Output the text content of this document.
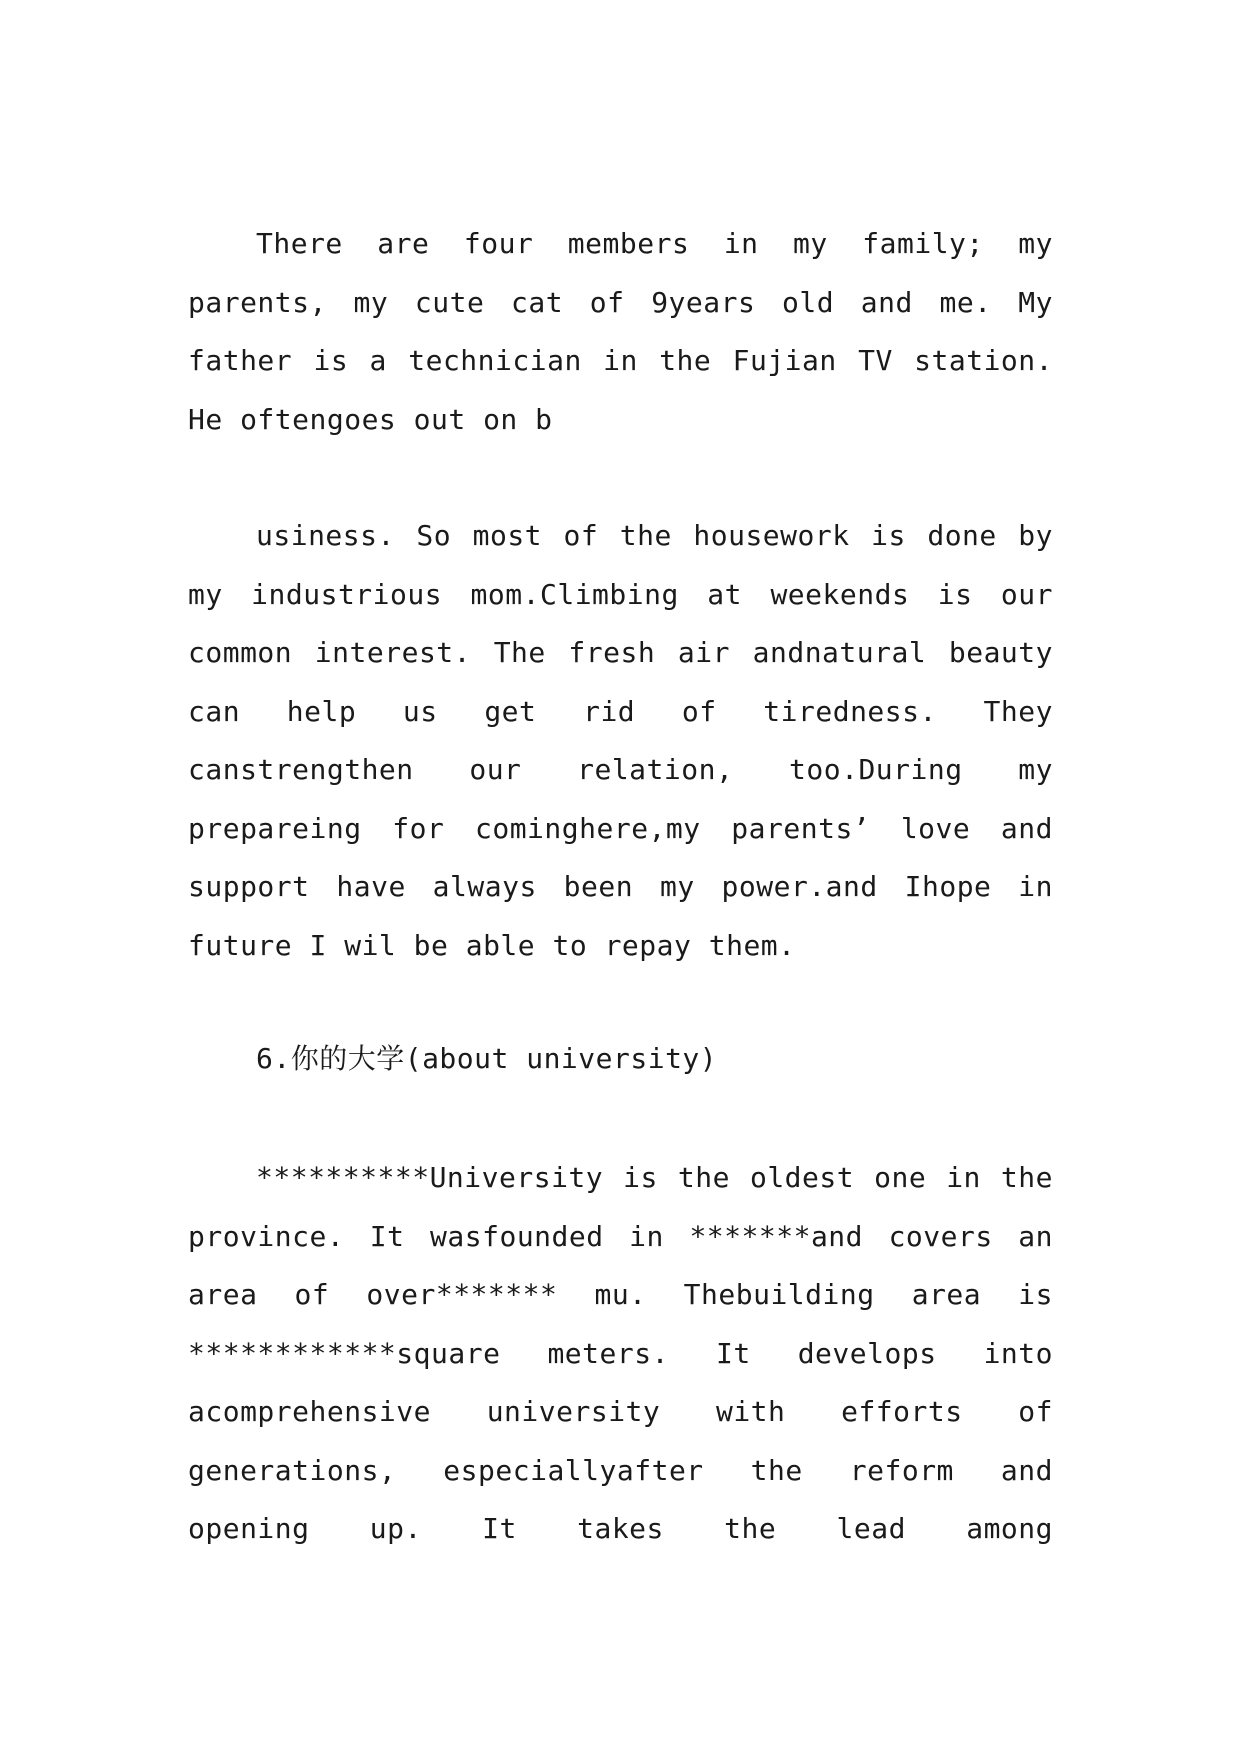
There are four members in my family; my parents, my cute cat of 9years old and me. My father is a technician in the Fujian TV station. He oftengoes out on b

usiness. So most of the housework is done by my industrious mom.Climbing at weekends is our common interest. The fresh air andnatural beauty can help us get rid of tiredness. They canstrengthen our relation, too.During my prepareing for cominghere,my parents’ love and support have always been my power.and Ihope in future I wil be able to repay them.

6.你的大学(about university)

**********University is the oldest one in the province. It wasfounded in *******and covers an area of over******* mu. Thebuilding area is ************square meters. It develops into acomprehensive university with efforts of generations, especiallyafter the reform and opening up. It takes the lead among
